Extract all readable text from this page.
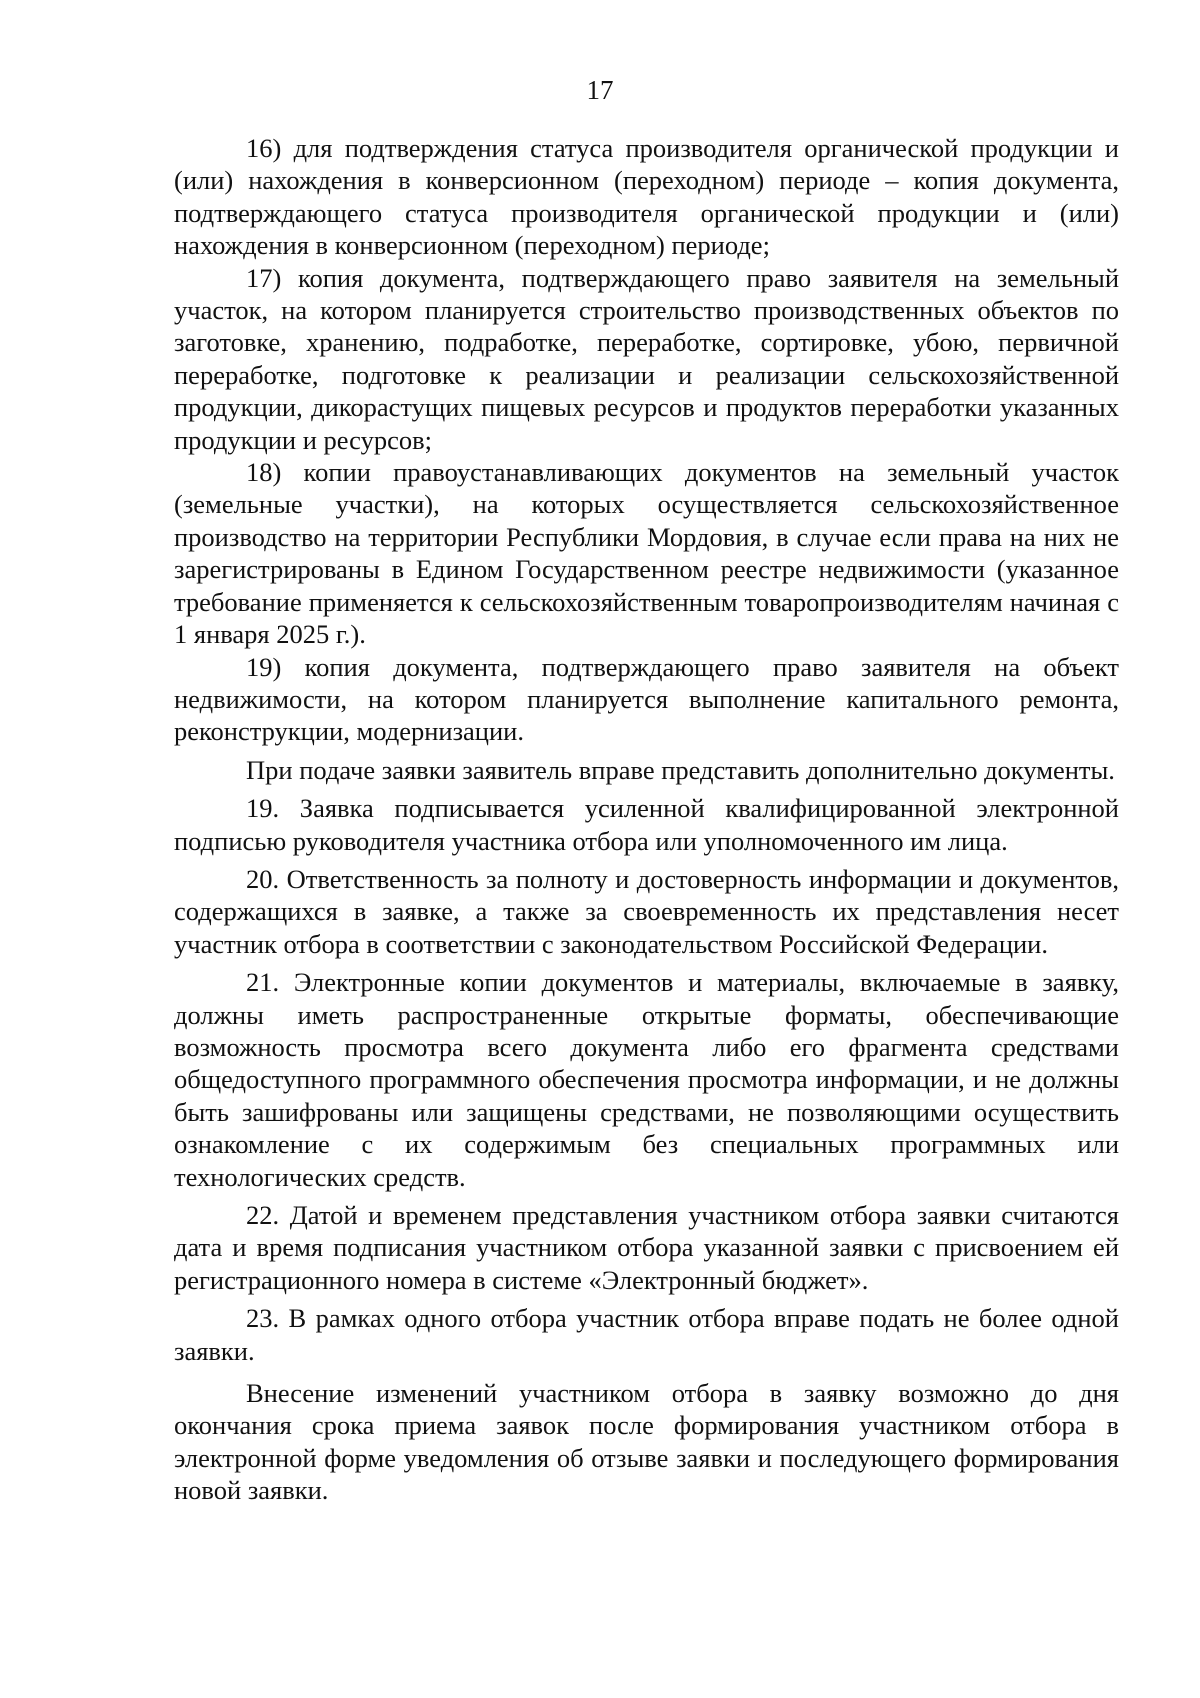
17

16) для подтверждения статуса производителя органической продукции и (или) нахождения в конверсионном (переходном) периоде – копия документа, подтверждающего статуса производителя органической продукции и (или) нахождения в конверсионном (переходном) периоде;

17) копия документа, подтверждающего право заявителя на земельный участок, на котором планируется строительство производственных объектов по заготовке, хранению, подработке, переработке, сортировке, убою, первичной переработке, подготовке к реализации и реализации сельскохозяйственной продукции, дикорастущих пищевых ресурсов и продуктов переработки указанных продукции и ресурсов;

18) копии правоустанавливающих документов на земельный участок (земельные участки), на которых осуществляется сельскохозяйственное производство на территории Республики Мордовия, в случае если права на них не зарегистрированы в Едином Государственном реестре недвижимости (указанное требование применяется к сельскохозяйственным товаропроизводителям начиная с 1 января 2025 г.).

19) копия документа, подтверждающего право заявителя на объект недвижимости, на котором планируется выполнение капитального ремонта, реконструкции, модернизации.

При подаче заявки заявитель вправе представить дополнительно документы.

19. Заявка подписывается усиленной квалифицированной электронной подписью руководителя участника отбора или уполномоченного им лица.

20. Ответственность за полноту и достоверность информации и документов, содержащихся в заявке, а также за своевременность их представления несет участник отбора в соответствии с законодательством Российской Федерации.

21. Электронные копии документов и материалы, включаемые в заявку, должны иметь распространенные открытые форматы, обеспечивающие возможность просмотра всего документа либо его фрагмента средствами общедоступного программного обеспечения просмотра информации, и не должны быть зашифрованы или защищены средствами, не позволяющими осуществить ознакомление с их содержимым без специальных программных или технологических средств.

22. Датой и временем представления участником отбора заявки считаются дата и время подписания участником отбора указанной заявки с присвоением ей регистрационного номера в системе «Электронный бюджет».

23. В рамках одного отбора участник отбора вправе подать не более одной заявки.

Внесение изменений участником отбора в заявку возможно до дня окончания срока приема заявок после формирования участником отбора в электронной форме уведомления об отзыве заявки и последующего формирования новой заявки.
